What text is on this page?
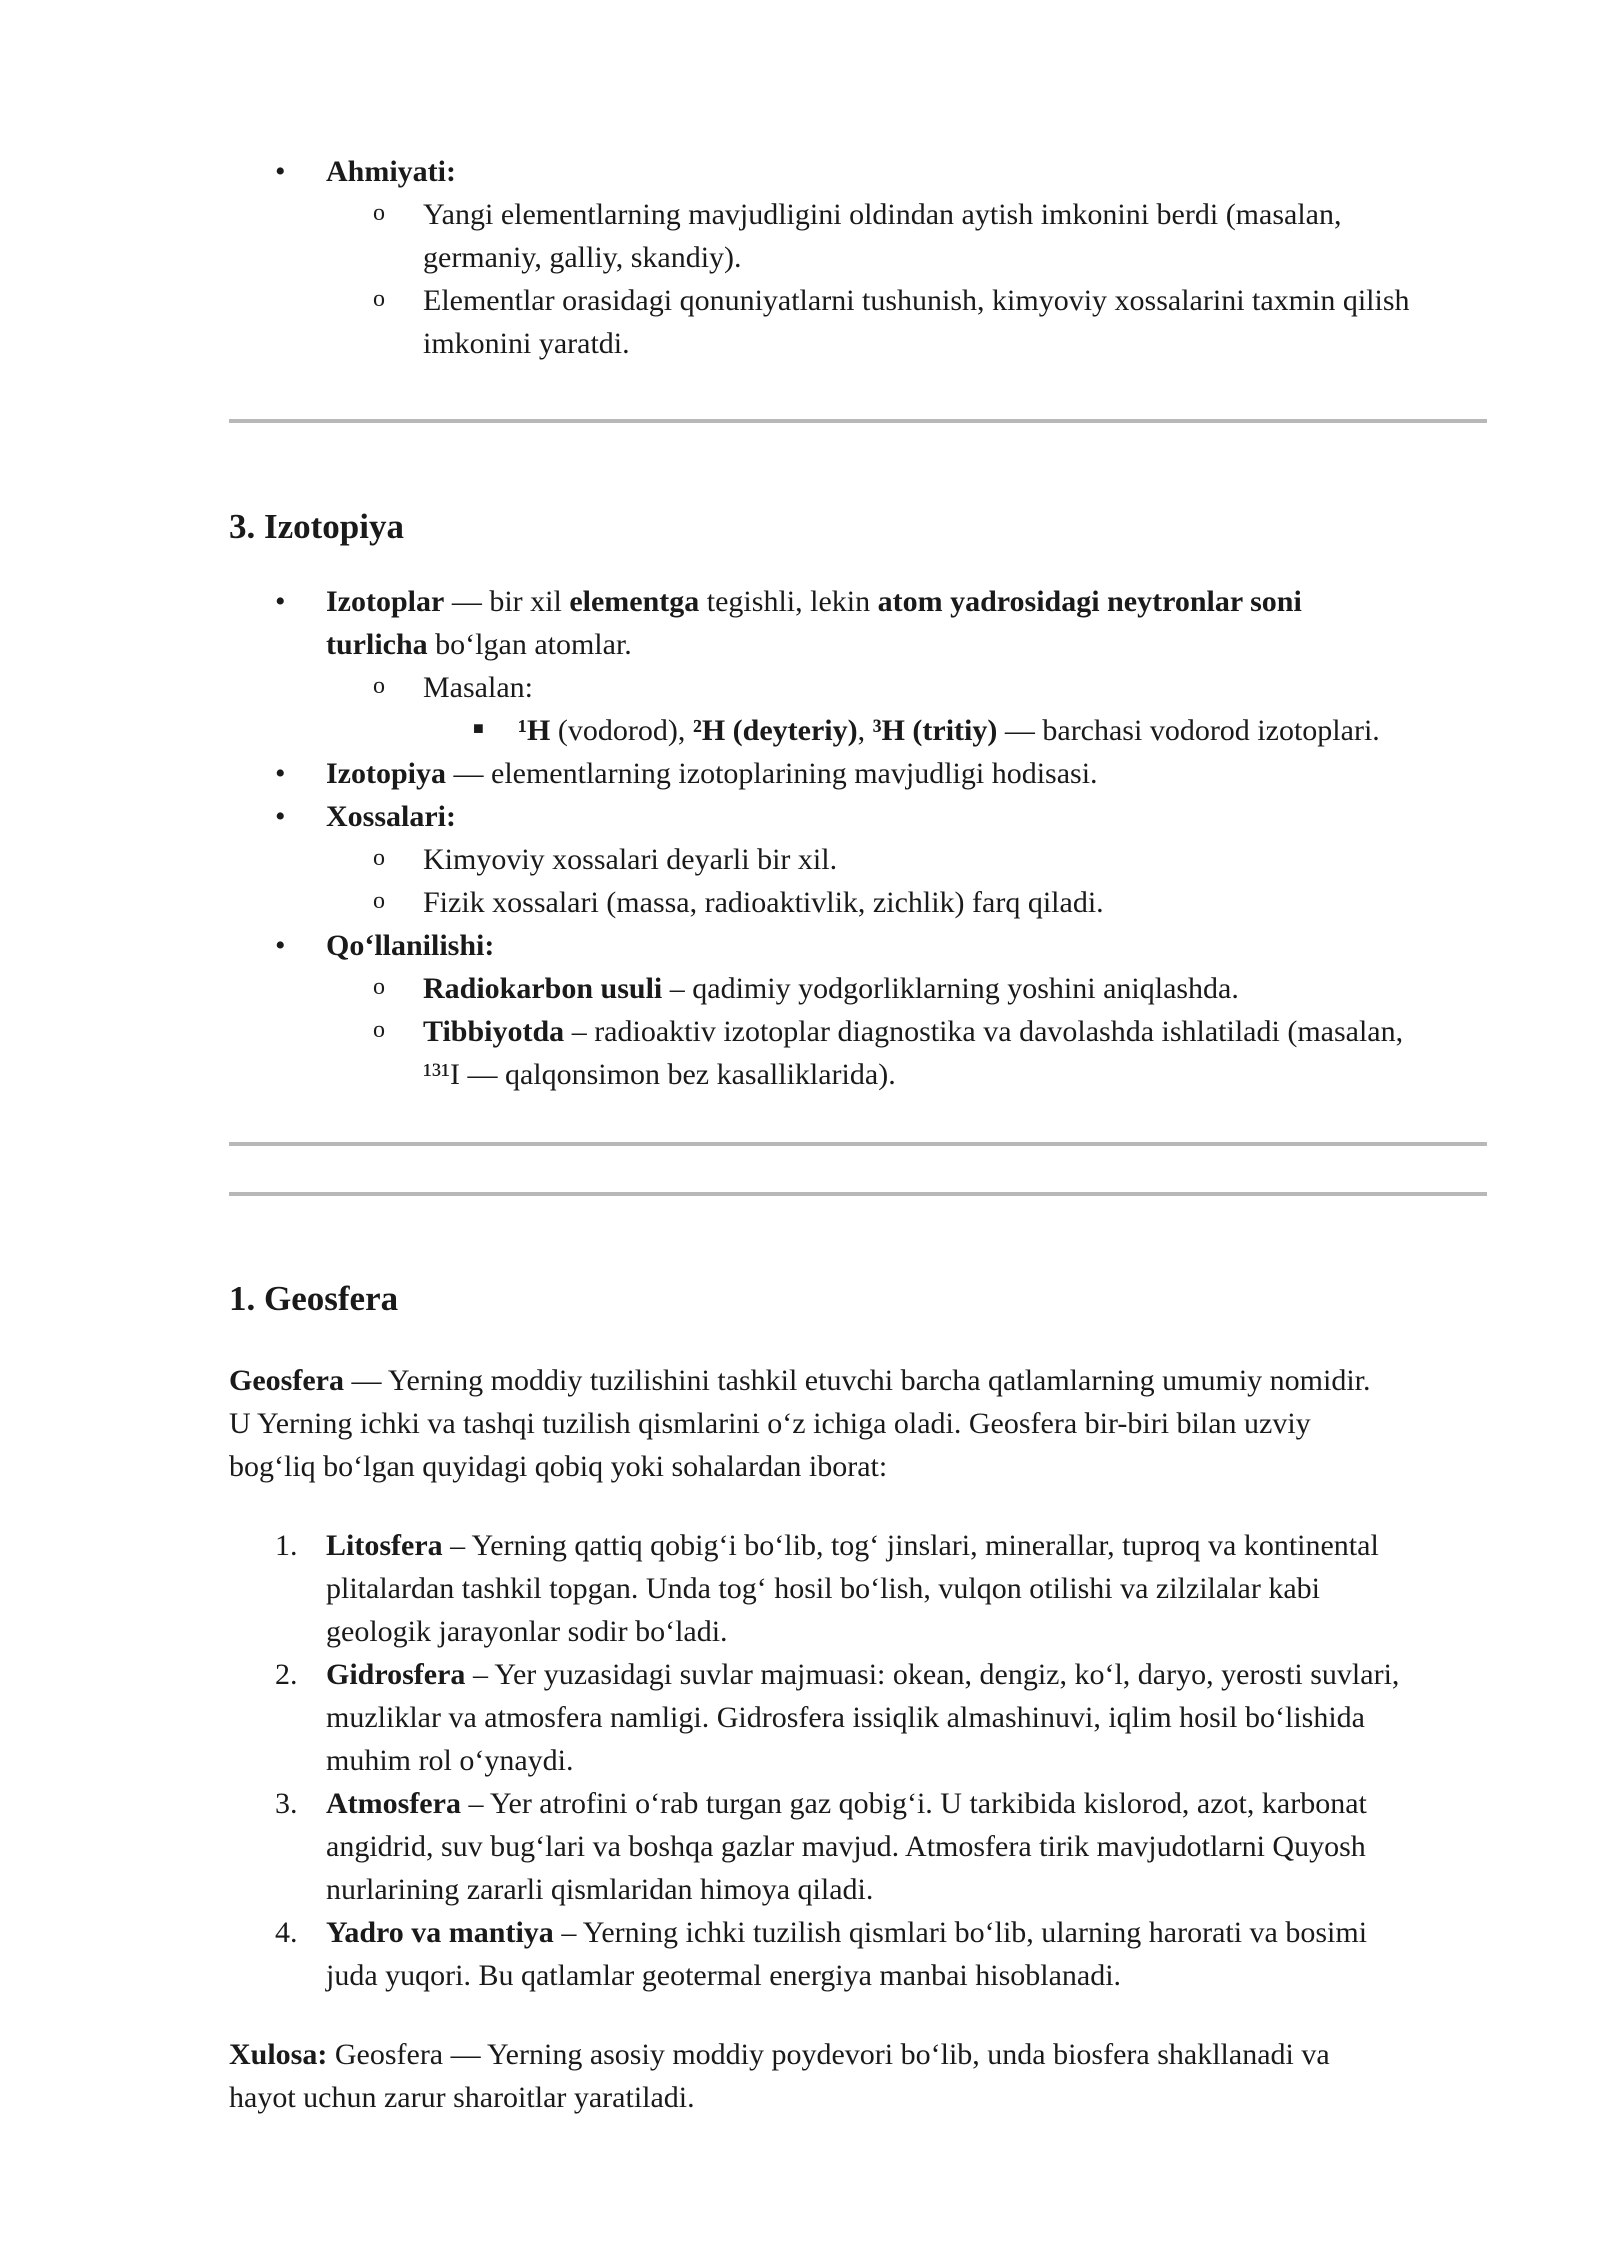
• Ahmiyati:
o Yangi elementlarning mavjudligini oldindan aytish imkonini berdi (masalan,
germaniy, galliy, skandiy).
o Elementlar orasidagi qonuniyatlarni tushunish, kimyoviy xossalarini taxmin qilish
imkonini yaratdi.
3. Izotopiya
• Izotoplar — bir xil elementga tegishli, lekin atom yadrosidagi neytronlar soni
turlicha bo‘lgan atomlar.
o Masalan:
■ ¹H (vodorod), ²H (deyteriy), ³H (tritiy) — barchasi vodorod izotoplari.
• Izotopiya — elementlarning izotoplarining mavjudligi hodisasi.
• Xossalari:
o Kimyoviy xossalari deyarli bir xil.
o Fizik xossalari (massa, radioaktivlik, zichlik) farq qiladi.
• Qo‘llanilishi:
o Radiokarbon usuli – qadimiy yodgorliklarning yoshini aniqlashda.
o Tibbiyotda – radioaktiv izotoplar diagnostika va davolashda ishlatiladi (masalan,
¹³¹I — qalqonsimon bez kasalliklarida).
1. Geosfera
Geosfera — Yerning moddiy tuzilishini tashkil etuvchi barcha qatlamlarning umumiy nomidir.
U Yerning ichki va tashqi tuzilish qismlarini o‘z ichiga oladi. Geosfera bir-biri bilan uzviy
bog‘liq bo‘lgan quyidagi qobiq yoki sohalardan iborat:
1. Litosfera – Yerning qattiq qobig‘i bo‘lib, tog‘ jinslari, minerallar, tuproq va kontinental
plitalardan tashkil topgan. Unda tog‘ hosil bo‘lish, vulqon otilishi va zilzilalar kabi
geologik jarayonlar sodir bo‘ladi.
2. Gidrosfera – Yer yuzasidagi suvlar majmuasi: okean, dengiz, ko‘l, daryo, yerosti suvlari,
muzliklar va atmosfera namligi. Gidrosfera issiqlik almashinuvi, iqlim hosil bo‘lishida
muhim rol o‘ynaydi.
3. Atmosfera – Yer atrofini o‘rab turgan gaz qobig‘i. U tarkibida kislorod, azot, karbonat
angidrid, suv bug‘lari va boshqa gazlar mavjud. Atmosfera tirik mavjudotlarni Quyosh
nurlarining zararli qismlaridan himoya qiladi.
4. Yadro va mantiya – Yerning ichki tuzilish qismlari bo‘lib, ularning harorati va bosimi
juda yuqori. Bu qatlamlar geotermal energiya manbai hisoblanadi.
Xulosa: Geosfera — Yerning asosiy moddiy poydevori bo‘lib, unda biosfera shakllanadi va
hayot uchun zarur sharoitlar yaratiladi.
